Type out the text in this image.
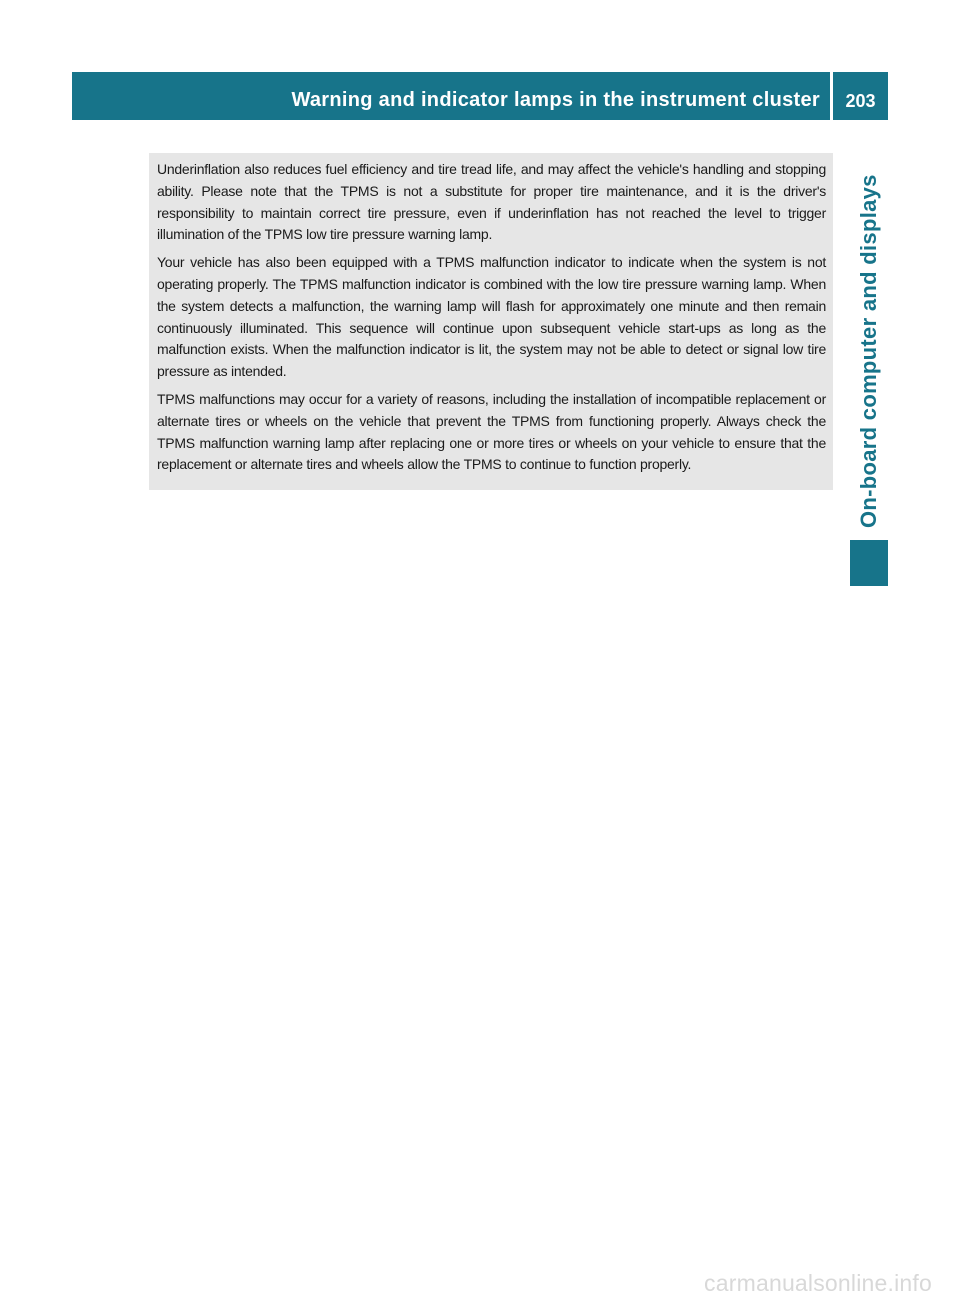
Warning and indicator lamps in the instrument cluster	203
On-board computer and displays

Underinflation also reduces fuel efficiency and tire tread life, and may affect the vehicle's handling and stopping ability. Please note that the TPMS is not a substitute for proper tire maintenance, and it is the driver's responsibility to maintain correct tire pressure, even if underinflation has not reached the level to trigger illumination of the TPMS low tire pressure warning lamp.

Your vehicle has also been equipped with a TPMS malfunction indicator to indicate when the system is not operating properly. The TPMS malfunction indicator is combined with the low tire pressure warning lamp. When the system detects a malfunction, the warning lamp will flash for approximately one minute and then remain continuously illuminated. This sequence will continue upon subsequent vehicle start-ups as long as the malfunction exists. When the malfunction indicator is lit, the system may not be able to detect or signal low tire pressure as intended.

TPMS malfunctions may occur for a variety of reasons, including the installation of incompatible replacement or alternate tires or wheels on the vehicle that prevent the TPMS from functioning properly. Always check the TPMS malfunction warning lamp after replacing one or more tires or wheels on your vehicle to ensure that the replacement or alternate tires and wheels allow the TPMS to continue to function properly.

carmanualsonline.info
